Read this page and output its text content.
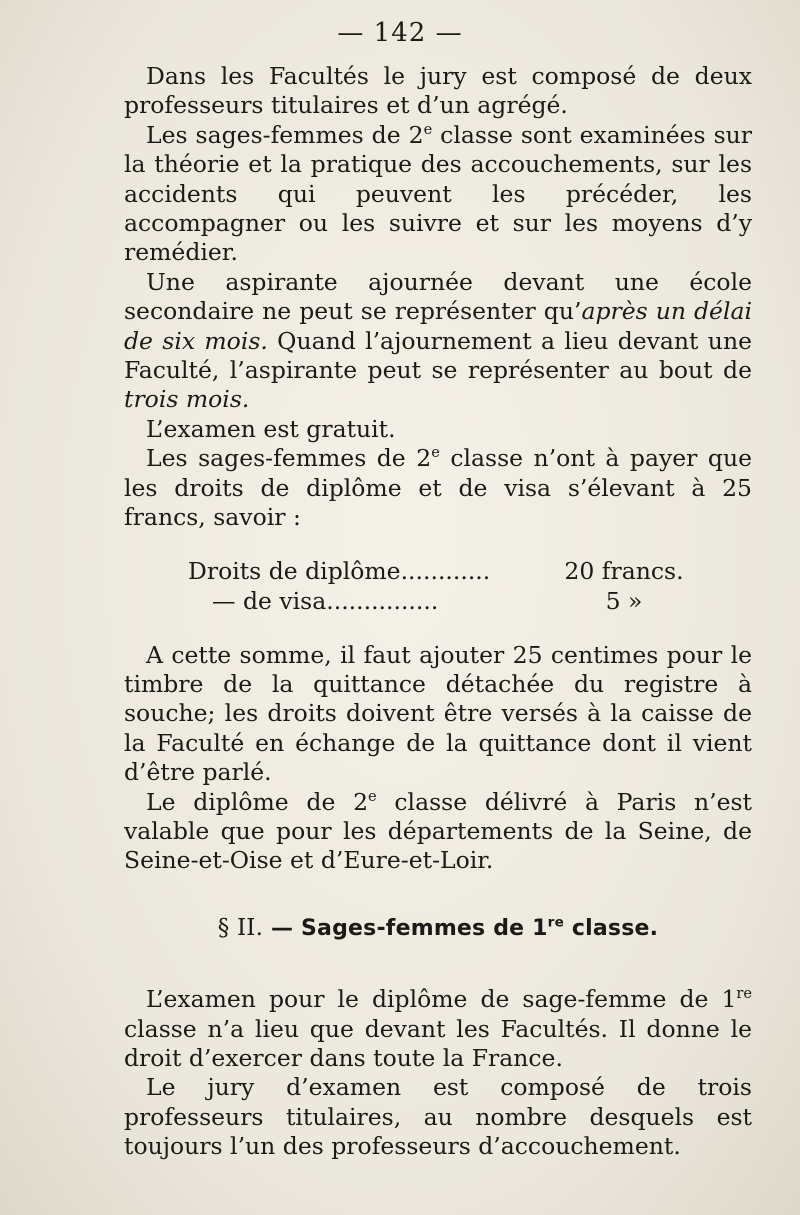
— 142 —

Dans les Facultés le jury est composé de deux professeurs titulaires et d’un agrégé.

Les sages-femmes de 2e classe sont examinées sur la théorie et la pratique des accouchements, sur les accidents qui peuvent les précéder, les accompagner ou les suivre et sur les moyens d’y remédier.

Une aspirante ajournée devant une école secondaire ne peut se représenter qu’après un délai de six mois. Quand l’ajournement a lieu devant une Faculté, l’aspirante peut se représenter au bout de trois mois.

L’examen est gratuit.

Les sages-femmes de 2e classe n’ont à payer que les droits de diplôme et de visa s’élevant à 25 francs, savoir :

Droits de diplôme............	20 francs.
— de visa...............	5 »

A cette somme, il faut ajouter 25 centimes pour le timbre de la quittance détachée du registre à souche; les droits doivent être versés à la caisse de la Faculté en échange de la quittance dont il vient d’être parlé.

Le diplôme de 2e classe délivré à Paris n’est valable que pour les départements de la Seine, de Seine-et-Oise et d’Eure-et-Loir.

§ II. — Sages-femmes de 1re classe.

L’examen pour le diplôme de sage-femme de 1re classe n’a lieu que devant les Facultés. Il donne le droit d’exercer dans toute la France.

Le jury d’examen est composé de trois professeurs titulaires, au nombre desquels est toujours l’un des professeurs d’accouchement.
